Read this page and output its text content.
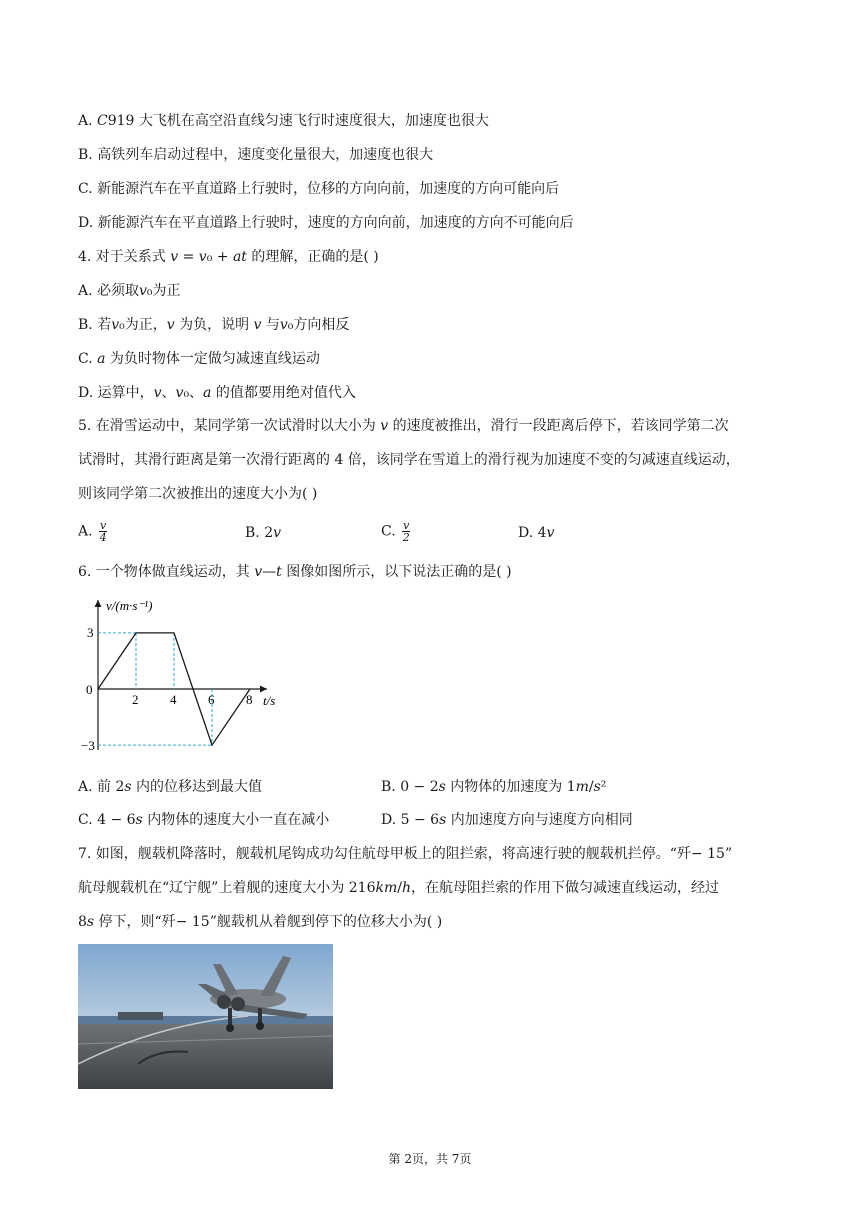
A. 𝐶919 大飞机在高空沿直线匀速飞行时速度很大，加速度也很大
B. 高铁列车启动过程中，速度变化量很大，加速度也很大
C. 新能源汽车在平直道路上行驶时，位移的方向向前，加速度的方向可能向后
D. 新能源汽车在平直道路上行驶时，速度的方向向前，加速度的方向不可能向后
4. 对于关系式 𝑣 = 𝑣₀ + 𝑎𝑡 的理解，正确的是( )
A. 必须取𝑣₀为正
B. 若𝑣₀为正，𝑣 为负，说明 𝑣 与𝑣₀方向相反
C. 𝑎 为负时物体一定做匀减速直线运动
D. 运算中，𝑣、𝑣₀、𝑎 的值都要用绝对值代入
5. 在滑雪运动中，某同学第一次试滑时以大小为 𝑣 的速度被推出，滑行一段距离后停下，若该同学第二次
试滑时，其滑行距离是第一次滑行距离的 4 倍，该同学在雪道上的滑行视为加速度不变的匀减速直线运动，
则该同学第二次被推出的速度大小为( )
A. $\frac{\text{𝑣}}{4}$	B. 2𝑣	C. $\frac{\text{𝑣}}{2}$	D. 4𝑣
6. 一个物体做直线运动，其 𝑣—𝑡 图像如图所示，以下说法正确的是( )
2 4 6 8
v/(m·s⁻¹)
t/s
3
−3
0
A. 前 2𝑠 内的位移达到最大值	B. 0 − 2𝑠 内物体的加速度为 1𝑚/𝑠²
C. 4 − 6𝑠 内物体的速度大小一直在减小	D. 5 − 6𝑠 内加速度方向与速度方向相同
7. 如图，舰载机降落时，舰载机尾钩成功勾住航母甲板上的阻拦索，将高速行驶的舰载机拦停。“歼− 15”
航母舰载机在“辽宁舰”上着舰的速度大小为 216𝑘𝑚/ℎ，在航母阻拦索的作用下做匀减速直线运动，经过
8𝑠 停下，则“歼− 15”舰载机从着舰到停下的位移大小为( )
第 2页，共 7页
